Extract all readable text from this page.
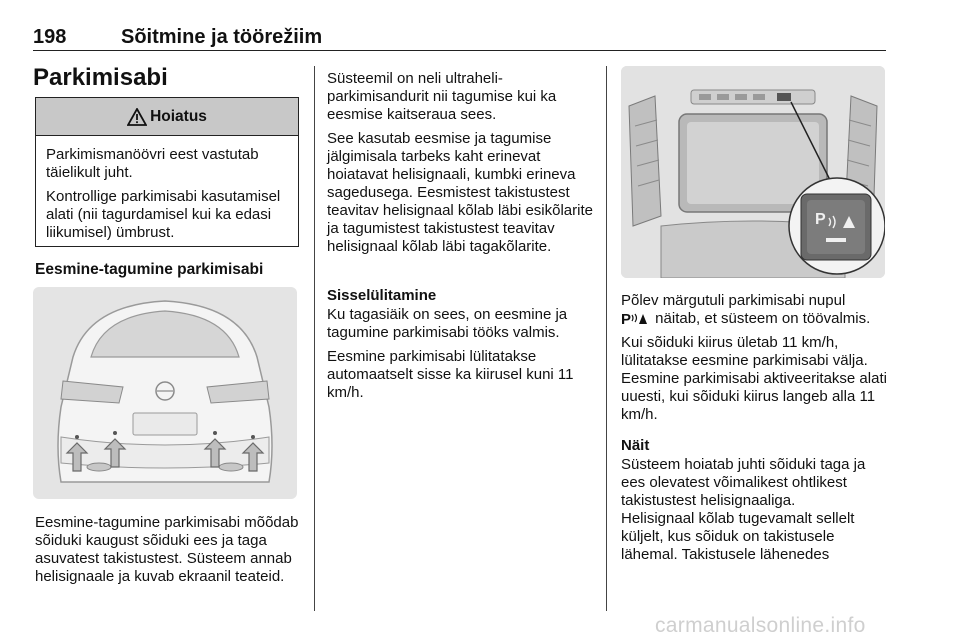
198	Sõitmine ja töörežiim
Parkimisabi
Hoiatus

Parkimismanöövri eest vastutab täielikult juht.

Kontrollige parkimisabi kasutamisel alati (nii tagurdamisel kui ka edasi liikumisel) ümbrust.

Eesmine-tagumine parkimisabi

Eesmine-tagumine parkimisabi mõõdab sõiduki kaugust sõiduki ees ja taga asuvatest takistustest. Süsteem annab helisignaale ja kuvab ekraanil teateid.

Süsteemil on neli ultraheli-parkimisandurit nii tagumise kui ka eesmise kaitseraua sees.

See kasutab eesmise ja tagumise jälgimisala tarbeks kaht erinevat hoiatavat helisignaali, kumbki erineva sagedusega. Eesmistest takistustest teavitav helisignaal kõlab läbi esikõlarite ja tagumistest takistustest teavitav helisignaal kõlab läbi tagakõlarite.

Sisselülitamine

Ku tagasiäik on sees, on eesmine ja tagumine parkimisabi tööks valmis.

Eesmine parkimisabi lülitatakse automaatselt sisse ka kiirusel kuni 11 km/h.

P

Põlev märgutuli parkimisabi nupul

P näitab, et süsteem on töövalmis.

Kui sõiduki kiirus ületab 11 km/h, lülitatakse eesmine parkimisabi välja. Eesmine parkimisabi aktiveeritakse alati uuesti, kui sõiduki kiirus langeb alla 11 km/h.

Näit

Süsteem hoiatab juhti sõiduki taga ja ees olevatest võimalikest ohtlikest takistustest helisignaaliga.

Helisignaal kõlab tugevamalt sellelt küljelt, kus sõiduk on takistusele lähemal. Takistusele lähenedes

carmanualsonline.info
